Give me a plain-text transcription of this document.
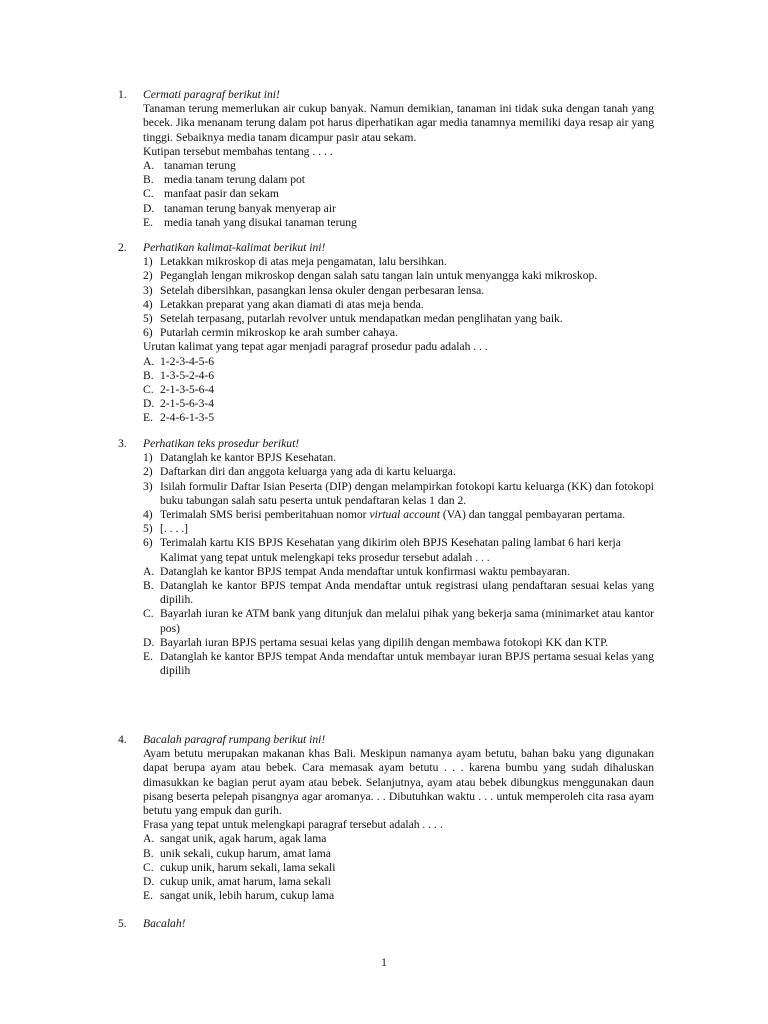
1.	Cermati paragraf berikut ini!
Tanaman terung memerlukan air cukup banyak. Namun demikian, tanaman ini tidak suka dengan tanah yang becek. Jika menanam terung dalam pot harus diperhatikan agar media tanamnya memiliki daya resap air yang tinggi. Sebaiknya media tanam dicampur pasir atau sekam.
Kutipan tersebut membahas tentang . . . .
A. tanaman terung
B. media tanam terung dalam pot
C. manfaat pasir dan sekam
D. tanaman terung banyak menyerap air
E. media tanah yang disukai tanaman terung
2.	Perhatikan kalimat-kalimat berikut ini!
1) Letakkan mikroskop di atas meja pengamatan, lalu bersihkan.
2) Peganglah lengan mikroskop dengan salah satu tangan lain untuk menyangga kaki mikroskop.
3) Setelah dibersihkan, pasangkan lensa okuler dengan perbesaran lensa.
4) Letakkan preparat yang akan diamati di atas meja benda.
5) Setelah terpasang, putarlah revolver untuk mendapatkan medan penglihatan yang baik.
6) Putarlah cermin mikroskop ke arah sumber cahaya.
Urutan kalimat yang tepat agar menjadi paragraf prosedur padu adalah . . .
A. 1-2-3-4-5-6
B. 1-3-5-2-4-6
C. 2-1-3-5-6-4
D. 2-1-5-6-3-4
E. 2-4-6-1-3-5
3.	Perhatikan teks prosedur berikut!
1) Datanglah ke kantor BPJS Kesehatan.
2) Daftarkan diri dan anggota keluarga yang ada di kartu keluarga.
3) Isilah formulir Daftar Isian Peserta (DIP) dengan melampirkan fotokopi kartu keluarga (KK) dan fotokopi buku tabungan salah satu peserta untuk pendaftaran kelas 1 dan 2.
4) Terimalah SMS berisi pemberitahuan nomor virtual account (VA) dan tanggal pembayaran pertama.
5) [. . . .]
6) Terimalah kartu KIS BPJS Kesehatan yang dikirim oleh BPJS Kesehatan paling lambat 6 hari kerja
Kalimat yang tepat untuk melengkapi teks prosedur tersebut adalah . . .
A. Datanglah ke kantor BPJS tempat Anda mendaftar untuk konfirmasi waktu pembayaran.
B. Datanglah ke kantor BPJS tempat Anda mendaftar untuk registrasi ulang pendaftaran sesuai kelas yang dipilih.
C. Bayarlah iuran ke ATM bank yang ditunjuk dan melalui pihak yang bekerja sama (minimarket atau kantor pos)
D. Bayarlah iuran BPJS pertama sesuai kelas yang dipilih dengan membawa fotokopi KK dan KTP.
E. Datanglah ke kantor BPJS tempat Anda mendaftar untuk membayar iuran BPJS pertama sesuai kelas yang dipilih
4.	Bacalah paragraf rumpang berikut ini!
Ayam betutu merupakan makanan khas Bali. Meskipun namanya ayam betutu, bahan baku yang digunakan dapat berupa ayam atau bebek. Cara memasak ayam betutu . . . karena bumbu yang sudah dihaluskan dimasukkan ke bagian perut ayam atau bebek. Selanjutnya, ayam atau bebek dibungkus menggunakan daun pisang beserta pelepah pisangnya agar aromanya. . . Dibutuhkan waktu . . . untuk memperoleh cita rasa ayam betutu yang empuk dan gurih.
Frasa yang tepat untuk melengkapi paragraf tersebut adalah . . . .
A. sangat unik, agak harum, agak lama
B. unik sekali, cukup harum, amat lama
C. cukup unik, harum sekali, lama sekali
D. cukup unik, amat harum, lama sekali
E. sangat unik, lebih harum, cukup lama
5.	Bacalah!
1
